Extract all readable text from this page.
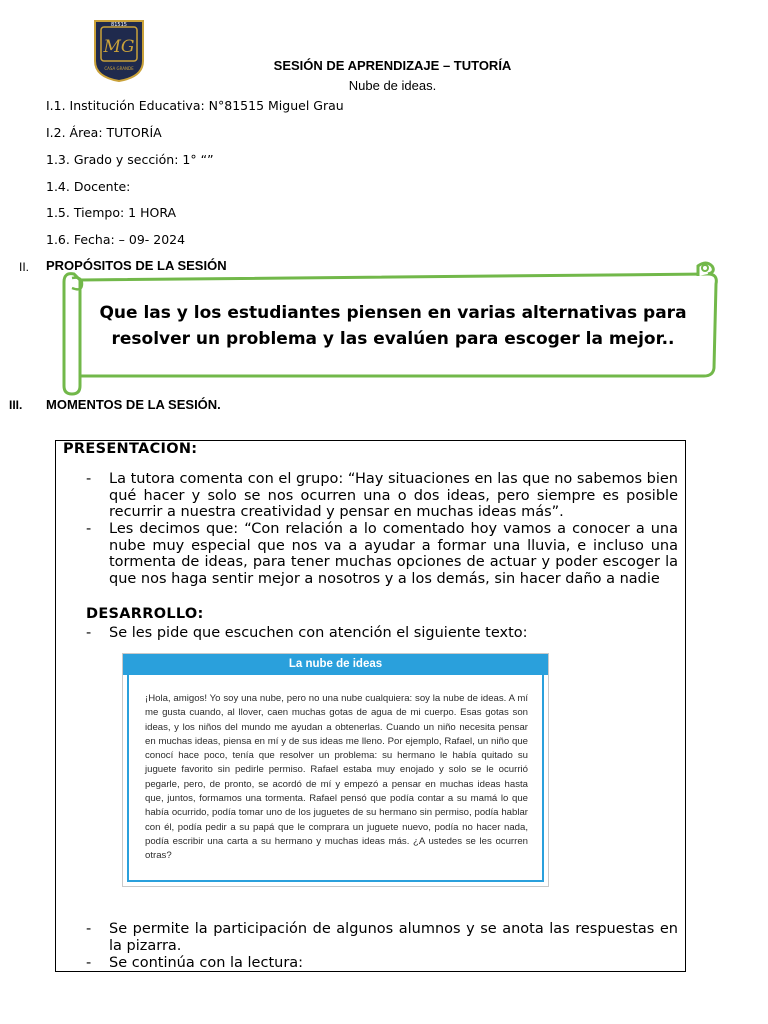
81515
MG
CASA GRANDE	SESIÓN DE APRENDIZAJE – TUTORÍA
Nube de ideas.
I.1. Institución Educativa: N°81515 Miguel Grau
I.2. Área: TUTORÍA
1.3. Grado y sección: 1° “”
1.4. Docente:
1.5. Tiempo: 1 HORA
1.6. Fecha: – 09- 2024
II. PROPÓSITOS DE LA SESIÓN
Que las y los estudiantes piensen en varias alternativas para resolver un problema y las evalúen para escoger la mejor..
III. MOMENTOS DE LA SESIÓN.
PRESENTACION:
-	La tutora comenta con el grupo: “Hay situaciones en las que no sabemos bien qué hacer y solo se nos ocurren una o dos ideas, pero siempre es posible recurrir a nuestra creatividad y pensar en muchas ideas más”.
-	Les decimos que: “Con relación a lo comentado hoy vamos a conocer a una nube muy especial que nos va a ayudar a formar una lluvia, e incluso una tormenta de ideas, para tener muchas opciones de actuar y poder escoger la que nos haga sentir mejor a nosotros y a los demás, sin hacer daño a nadie
DESARROLLO:
-	Se les pide que escuchen con atención el siguiente texto:
La nube de ideas
¡Hola, amigos! Yo soy una nube, pero no una nube cualquiera: soy la nube de ideas. A mí me gusta cuando, al llover, caen muchas gotas de agua de mi cuerpo. Esas gotas son ideas, y los niños del mundo me ayudan a obtenerlas. Cuando un niño necesita pensar en muchas ideas, piensa en mí y de sus ideas me lleno. Por ejemplo, Rafael, un niño que conocí hace poco, tenía que resolver un problema: su hermano le había quitado su juguete favorito sin pedirle permiso. Rafael estaba muy enojado y solo se le ocurrió pegarle, pero, de pronto, se acordó de mí y empezó a pensar en muchas ideas hasta que, juntos, formamos una tormenta. Rafael pensó que podía contar a su mamá lo que había ocurrido, podía tomar uno de los juguetes de su hermano sin permiso, podía hablar con él, podía pedir a su papá que le comprara un juguete nuevo, podía no hacer nada, podía escribir una carta a su hermano y muchas ideas más. ¿A ustedes se les ocurren otras?
-	Se permite la participación de algunos alumnos y se anota las respuestas en la pizarra.
-	Se continúa con la lectura:
